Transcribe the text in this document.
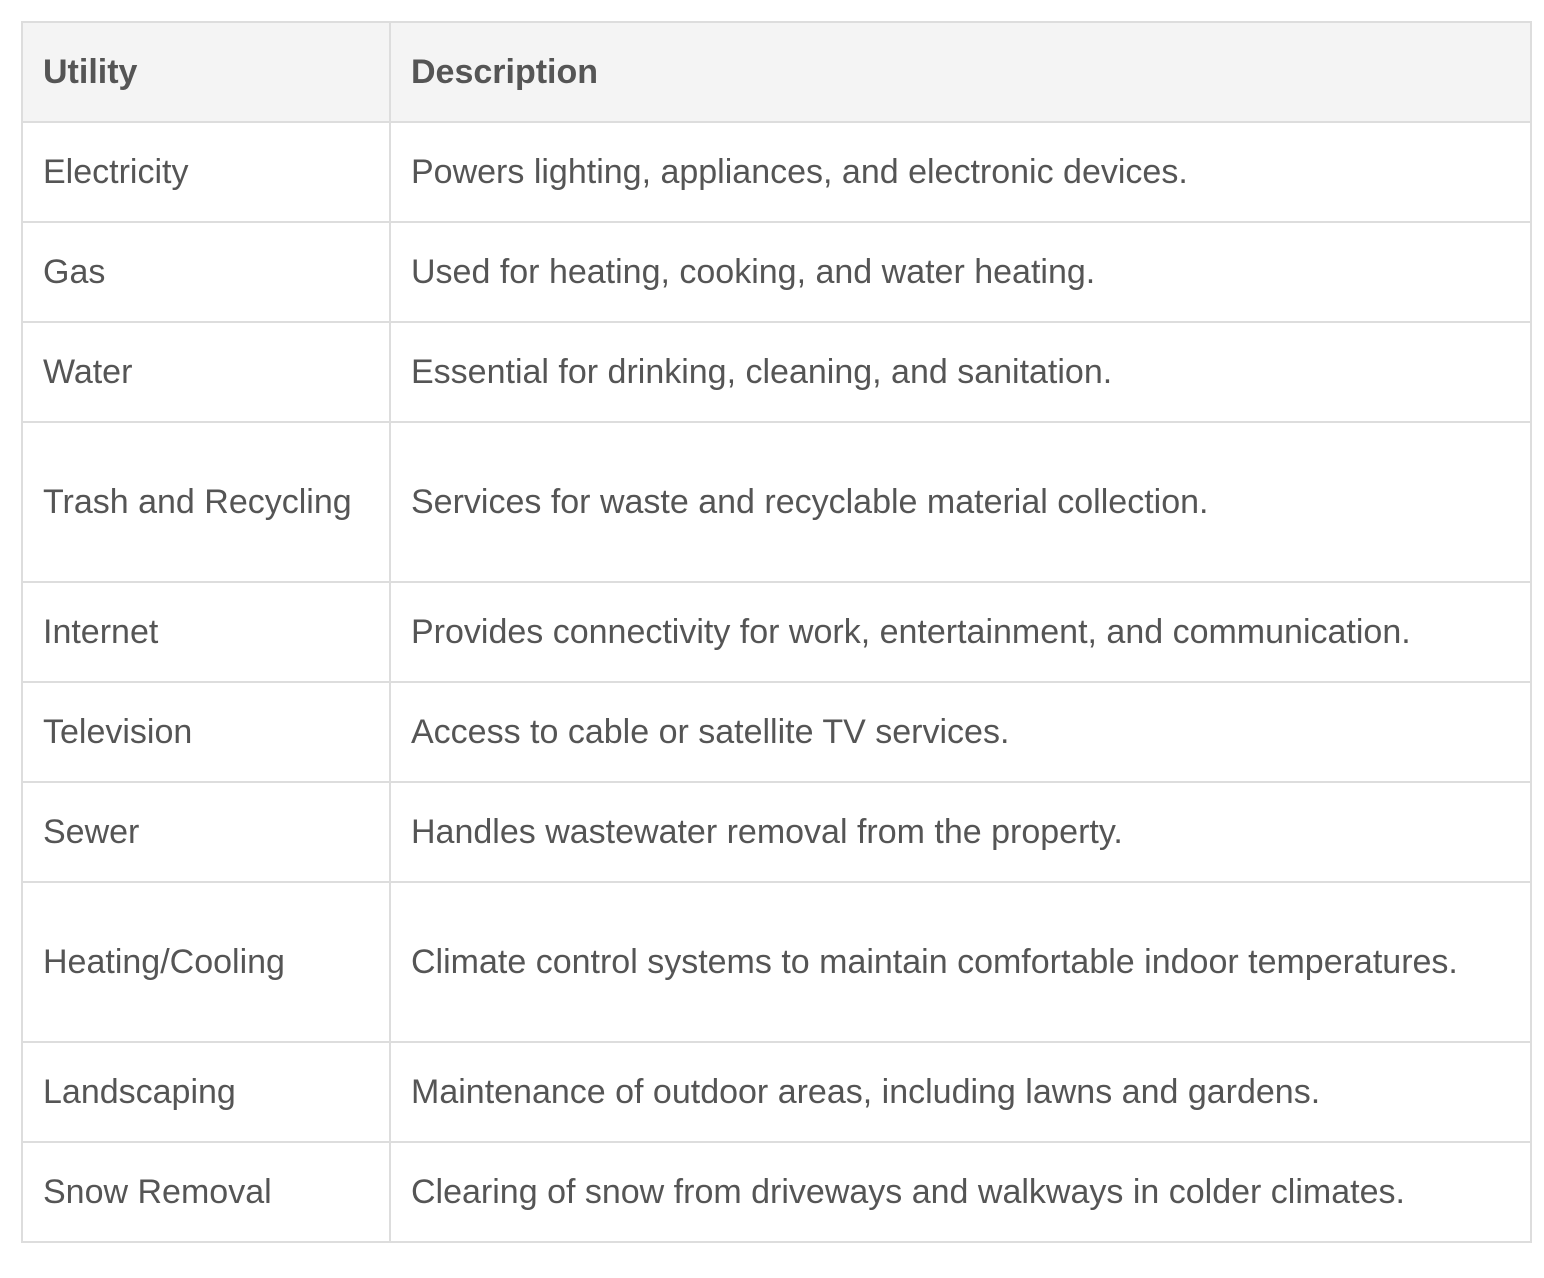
Utility	Description
Electricity	Powers lighting, appliances, and electronic devices.
Gas	Used for heating, cooking, and water heating.
Water	Essential for drinking, cleaning, and sanitation.
Trash and Recycling	Services for waste and recyclable material collection.
Internet	Provides connectivity for work, entertainment, and communication.
Television	Access to cable or satellite TV services.
Sewer	Handles wastewater removal from the property.
Heating/Cooling	Climate control systems to maintain comfortable indoor temperatures.
Landscaping	Maintenance of outdoor areas, including lawns and gardens.
Snow Removal	Clearing of snow from driveways and walkways in colder climates.
